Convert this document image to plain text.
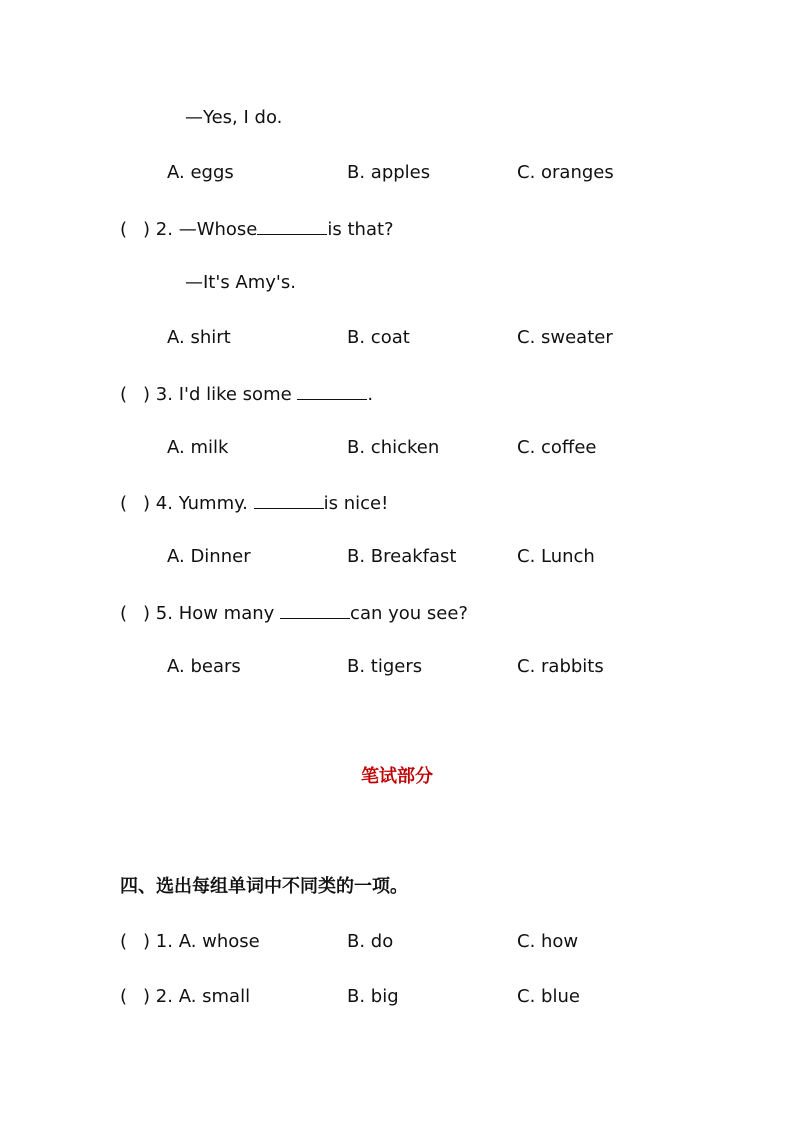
—Yes, I do.
A. eggs	B. apples	C. oranges
( ) 2. —Whose	is that?
—It's Amy's.
A. shirt	B. coat	C. sweater
( ) 3. I'd like some	.
A. milk	B. chicken	C. coffee
( ) 4. Yummy.	is nice!
A. Dinner	B. Breakfast	C. Lunch
( ) 5. How many	can you see?
A. bears	B. tigers	C. rabbits
笔试部分
四、选出每组单词中不同类的一项。
( ) 1. A. whose	B. do	C. how
( ) 2. A. small	B. big	C. blue
